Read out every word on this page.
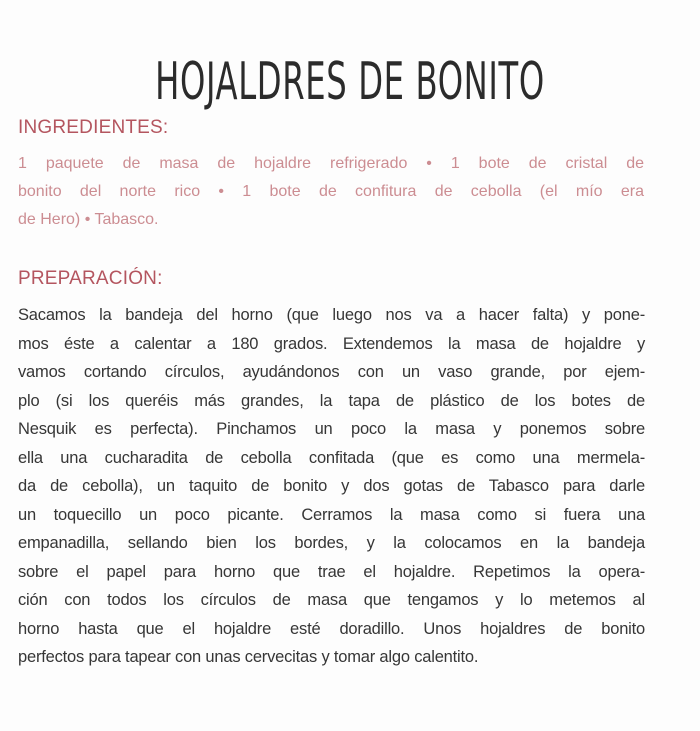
HOJALDRES DE BONITO
INGREDIENTES:
1 paquete de masa de hojaldre refrigerado • 1 bote de cristal de
bonito del norte rico • 1 bote de confitura de cebolla (el mío era
de Hero) • Tabasco.
PREPARACIÓN:
Sacamos la bandeja del horno (que luego nos va a hacer falta) y pone-
mos éste a calentar a 180 grados. Extendemos la masa de hojaldre y
vamos cortando círculos, ayudándonos con un vaso grande, por ejem-
plo (si los queréis más grandes, la tapa de plástico de los botes de
Nesquik es perfecta). Pinchamos un poco la masa y ponemos sobre
ella una cucharadita de cebolla confitada (que es como una mermela-
da de cebolla), un taquito de bonito y dos gotas de Tabasco para darle
un toquecillo un poco picante. Cerramos la masa como si fuera una
empanadilla, sellando bien los bordes, y la colocamos en la bandeja
sobre el papel para horno que trae el hojaldre. Repetimos la opera-
ción con todos los círculos de masa que tengamos y lo metemos al
horno hasta que el hojaldre esté doradillo. Unos hojaldres de bonito
perfectos para tapear con unas cervecitas y tomar algo calentito.
